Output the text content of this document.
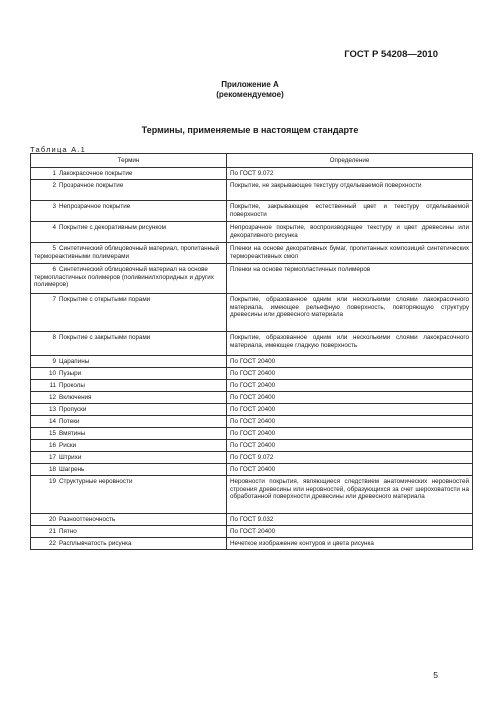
ГОСТ Р 54208—2010
Приложение А
(рекомендуемое)
Термины, применяемые в настоящем стандарте
Таблица А.1
Термин	Определение
1 Лакокрасочное покрытие	По ГОСТ 9.072
2 Прозрачное покрытие	Покрытие, не закрывающее текстуру отделываемой поверхности
3 Непрозрачное покрытие	Покрытие, закрывающее естественный цвет и текстуру отделываемой поверхности
4 Покрытие с декоративным рисунком	Непрозрачное покрытие, воспроизводящее текстуру и цвет древесины или декоративного рисунка
5 Синтетический облицовочный материал, пропитанный термореактивными полимерами	Пленки на основе декоративных бумаг, пропитанных композиций синтетических термореактивных смол
6 Синтетический облицовочный материал на основе термопластичных полимеров (поливинилхлоридных и других полимеров)	Пленки на основе термопластичных полимеров
7 Покрытие с открытыми порами	Покрытие, образованное одним или несколькими слоями лакокрасочного материала, имеющее рельефную поверхность, повторяющую структуру древесины или древесного материала
8 Покрытие с закрытыми порами	Покрытие, образованное одним или несколькими слоями лакокрасочного материала, имеющее гладкую поверхность
9 Царапины	По ГОСТ 20400
10 Пузыри	По ГОСТ 20400
11 Проколы	По ГОСТ 20400
12 Включения	По ГОСТ 20400
13 Пропуски	По ГОСТ 20400
14 Потеки	По ГОСТ 20400
15 Вмятины	По ГОСТ 20400
16 Риски	По ГОСТ 20400
17 Штрихи	По ГОСТ 9.072
18 Шагрень	По ГОСТ 20400
19 Структурные неровности	Неровности покрытия, являющиеся следствием анатомических неровностей строения древесины или неровностей, образующихся за счет шероховатости на обработанной поверхности древесины или древесного материала
20 Разнооттеночность	По ГОСТ 9.032
21 Пятно	По ГОСТ 20400
22 Расплывчатость рисунка	Нечеткое изображение контуров и цвета рисунка
5
